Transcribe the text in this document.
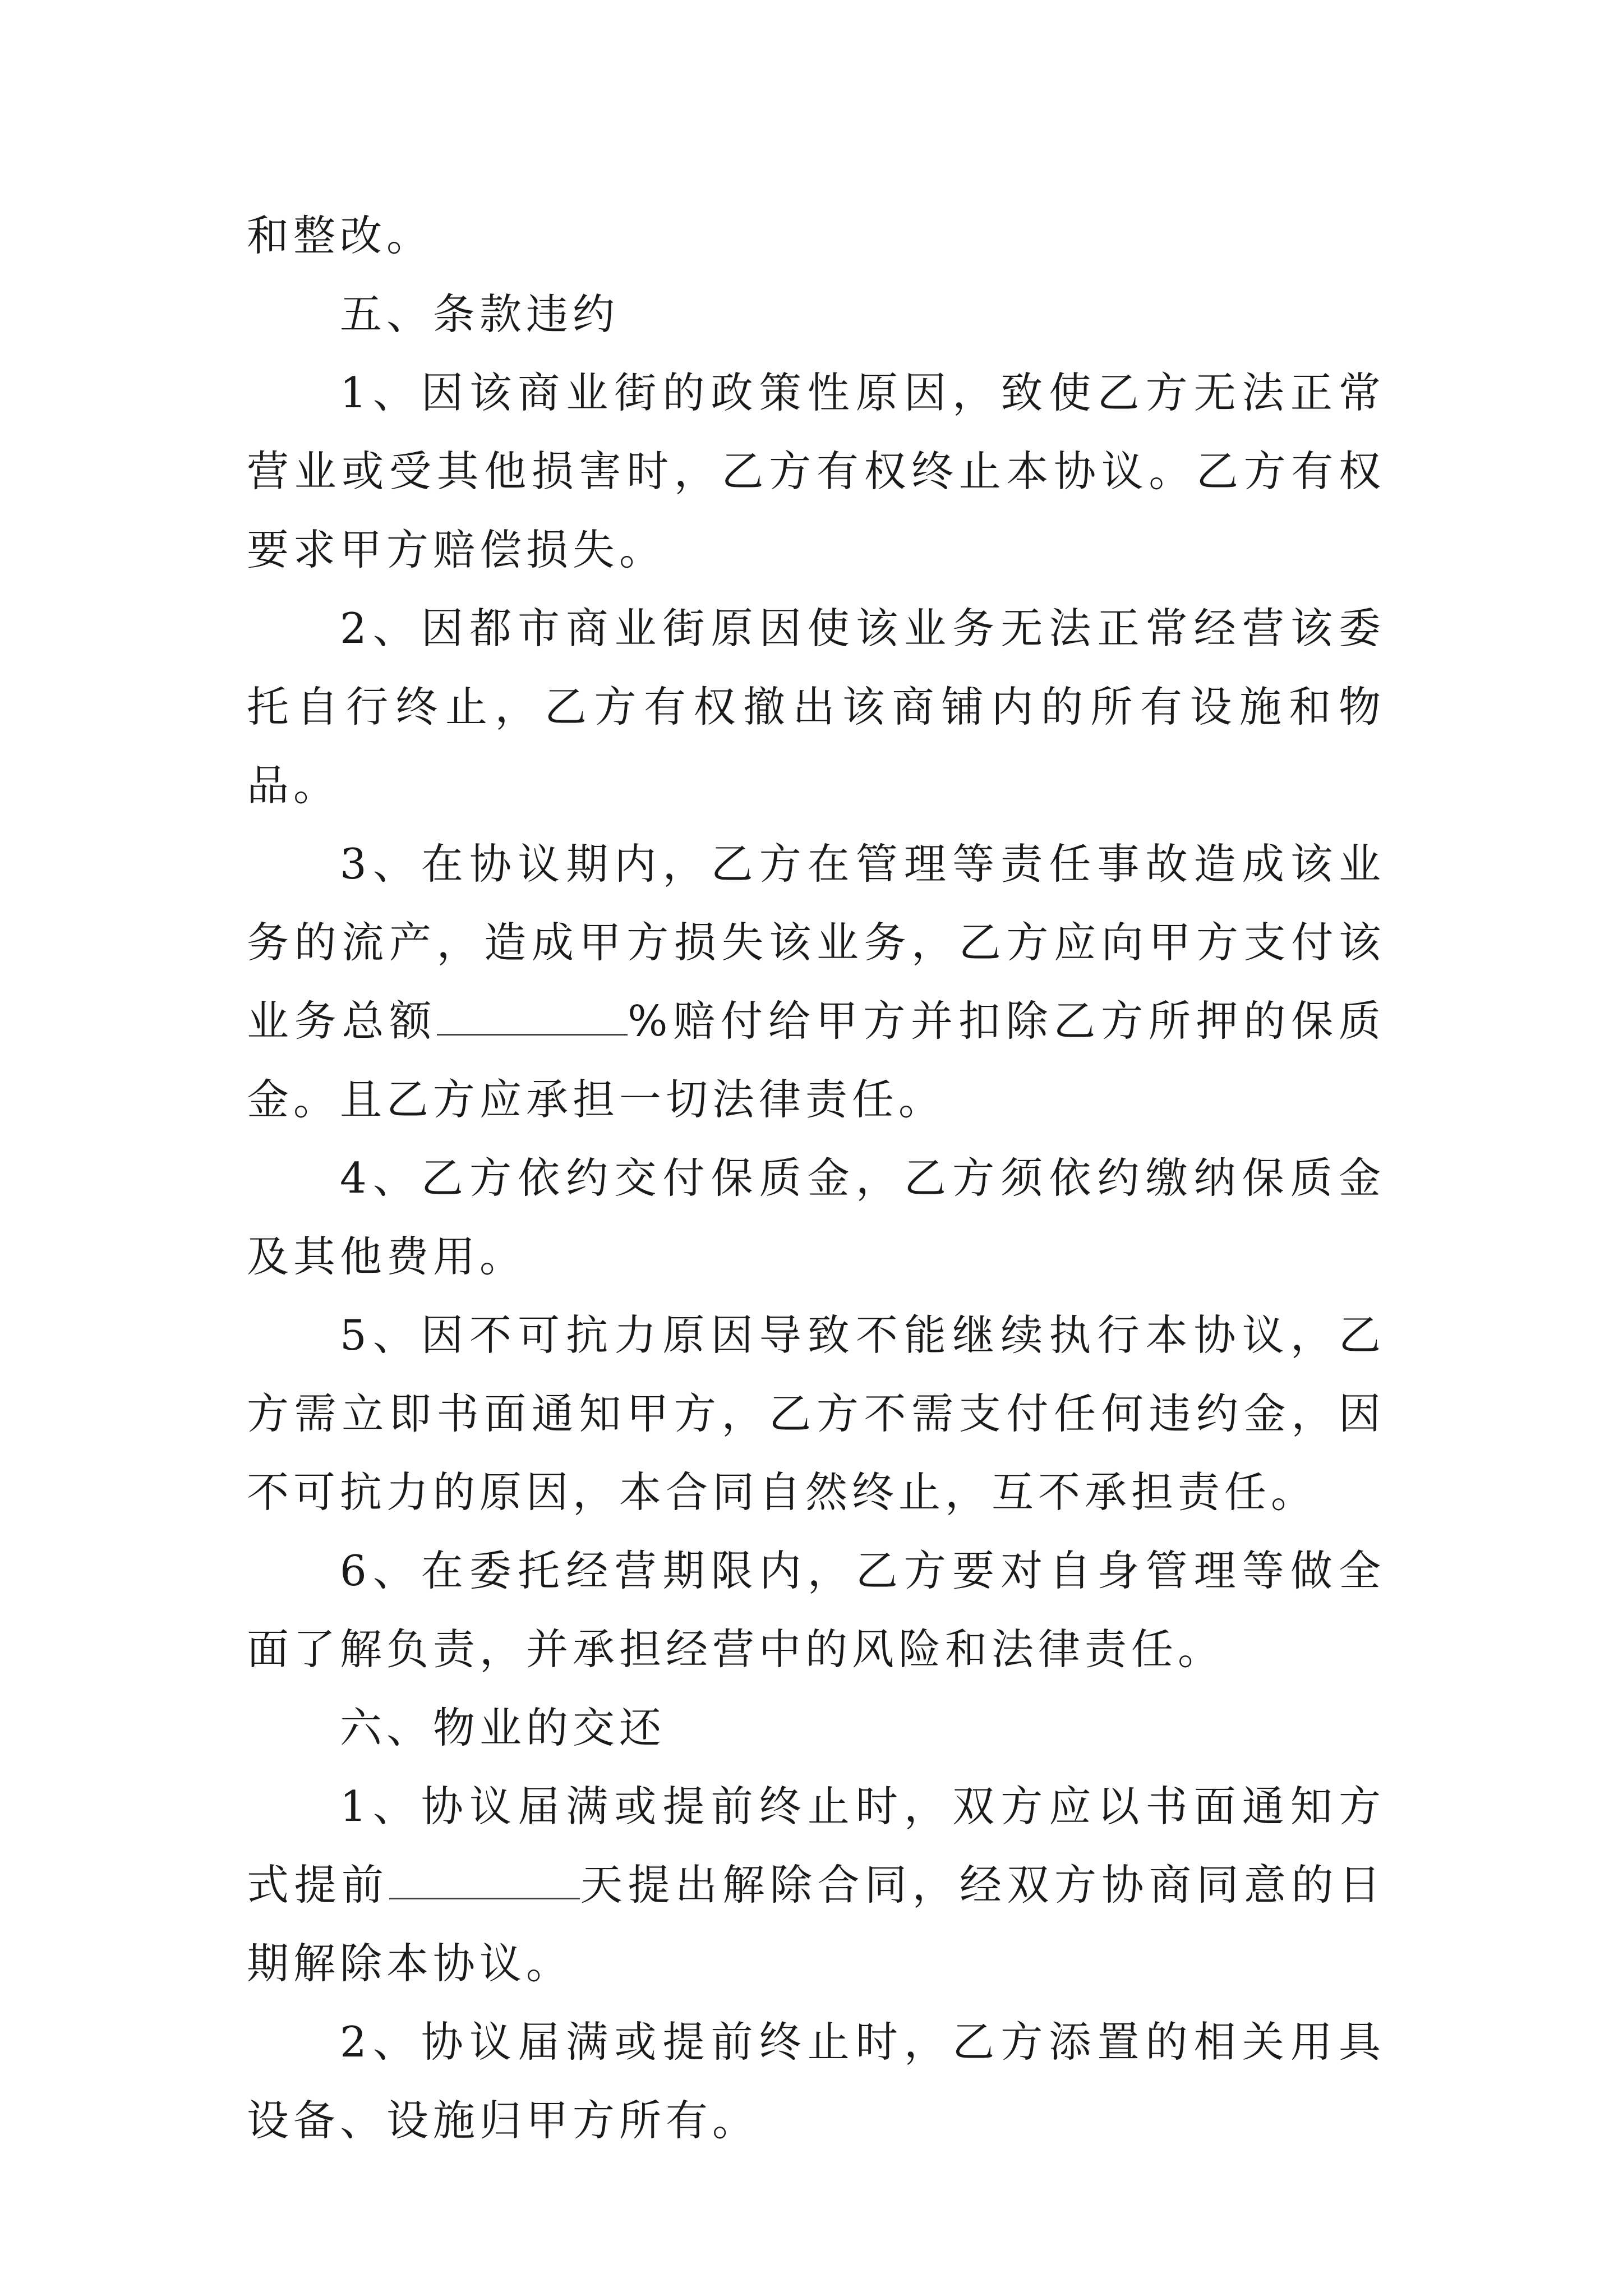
和整改。

五、条款违约

1、因该商业街的政策性原因，致使乙方无法正常营业或受其他损害时，乙方有权终止本协议。乙方有权要求甲方赔偿损失。

2、因都市商业街原因使该业务无法正常经营该委托自行终止，乙方有权撤出该商铺内的所有设施和物品。

3、在协议期内，乙方在管理等责任事故造成该业务的流产，造成甲方损失该业务，乙方应向甲方支付该业务总额	%赔付给甲方并扣除乙方所押的保质金。且乙方应承担一切法律责任。

4、乙方依约交付保质金，乙方须依约缴纳保质金及其他费用。

5、因不可抗力原因导致不能继续执行本协议，乙方需立即书面通知甲方，乙方不需支付任何违约金，因不可抗力的原因，本合同自然终止，互不承担责任。

6、在委托经营期限内，乙方要对自身管理等做全面了解负责，并承担经营中的风险和法律责任。

六、物业的交还

1、协议届满或提前终止时，双方应以书面通知方式提前	天提出解除合同，经双方协商同意的日期解除本协议。

2、协议届满或提前终止时，乙方添置的相关用具设备、设施归甲方所有。
